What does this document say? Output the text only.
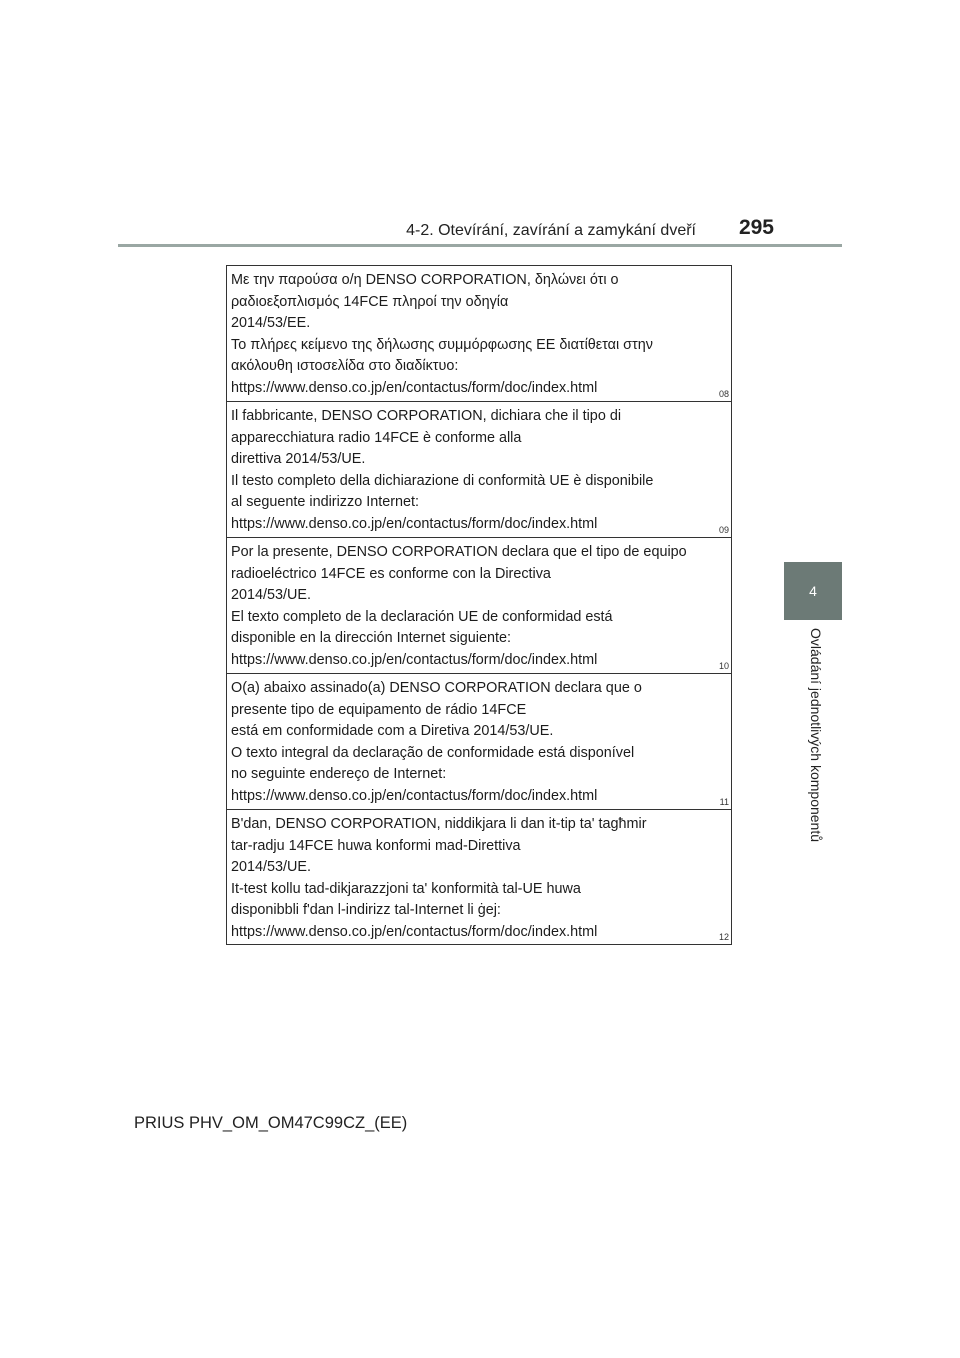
4-2. Otevírání, zavírání a zamykání dveří 295
4
Ovládání jednotlivých komponentů
Με την παρούσα ο/η DENSO CORPORATION, δηλώνει ότι ο
ραδιοεξοπλισμός 14FCE πληροί την οδηγία
2014/53/EE.
Το πλήρες κείμενο της δήλωσης συμμόρφωσης ΕΕ διατίθεται στην
ακόλουθη ιστοσελίδα στο διαδίκτυο:
https://www.denso.co.jp/en/contactus/form/doc/index.html	08
Il fabbricante, DENSO CORPORATION, dichiara che il tipo di
apparecchiatura radio 14FCE è conforme alla
direttiva 2014/53/UE.
Il testo completo della dichiarazione di conformità UE è disponibile
al seguente indirizzo Internet:
https://www.denso.co.jp/en/contactus/form/doc/index.html	09
Por la presente, DENSO CORPORATION declara que el tipo de equipo
radioeléctrico 14FCE es conforme con la Directiva
2014/53/UE.
El texto completo de la declaración UE de conformidad está
disponible en la dirección Internet siguiente:
https://www.denso.co.jp/en/contactus/form/doc/index.html	10
O(a) abaixo assinado(a) DENSO CORPORATION declara que o
presente tipo de equipamento de rádio 14FCE
está em conformidade com a Diretiva 2014/53/UE.
O texto integral da declaração de conformidade está disponível
no seguinte endereço de Internet:
https://www.denso.co.jp/en/contactus/form/doc/index.html	11
B'dan, DENSO CORPORATION, niddikjara li dan it-tip ta' tagħmir
tar-radju 14FCE huwa konformi mad-Direttiva
2014/53/UE.
It-test kollu tad-dikjarazzjoni ta' konformità tal-UE huwa
disponibbli f'dan l-indirizz tal-Internet li ġej:
https://www.denso.co.jp/en/contactus/form/doc/index.html	12
PRIUS PHV_OM_OM47C99CZ_(EE)
